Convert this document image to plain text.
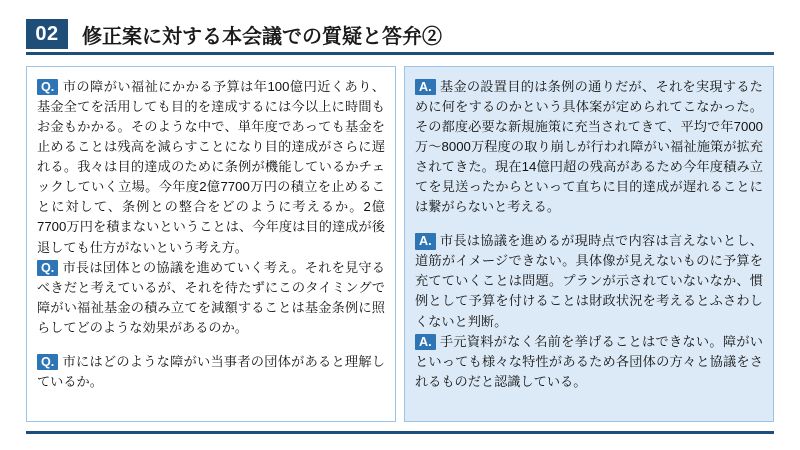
02	修正案に対する本会議での質疑と答弁②

Q. 市の障がい福祉にかかる予算は年100億円近くあり、基金全てを活用しても目的を達成するには今以上に時間もお金もかかる。そのような中で、単年度であっても基金を止めることは残高を減らすことになり目的達成がさらに遅れる。我々は目的達成のために条例が機能しているかチェックしていく立場。今年度2億7700万円の積立を止めることに対して、条例との整合をどのように考えるか。2億7700万円を積まないということは、今年度は目的達成が後退しても仕方がないという考え方。

Q. 市長は団体との協議を進めていく考え。それを見守るべきだと考えているが、それを待たずにこのタイミングで障がい福祉基金の積み立てを減額することは基金条例に照らしてどのような効果があるのか。

Q. 市にはどのような障がい当事者の団体があると理解しているか。

A. 基金の設置目的は条例の通りだが、それを実現するために何をするのかという具体案が定められてこなかった。その都度必要な新規施策に充当されてきて、平均で年7000万〜8000万程度の取り崩しが行われ障がい福祉施策が拡充されてきた。現在14億円超の残高があるため今年度積み立てを見送ったからといって直ちに目的達成が遅れることには繋がらないと考える。

A. 市長は協議を進めるが現時点で内容は言えないとし、道筋がイメージできない。具体像が見えないものに予算を充てていくことは問題。プランが示されていないなか、慣例として予算を付けることは財政状況を考えるとふさわしくないと判断。

A. 手元資料がなく名前を挙げることはできない。障がいといっても様々な特性があるため各団体の方々と協議をされるものだと認識している。
